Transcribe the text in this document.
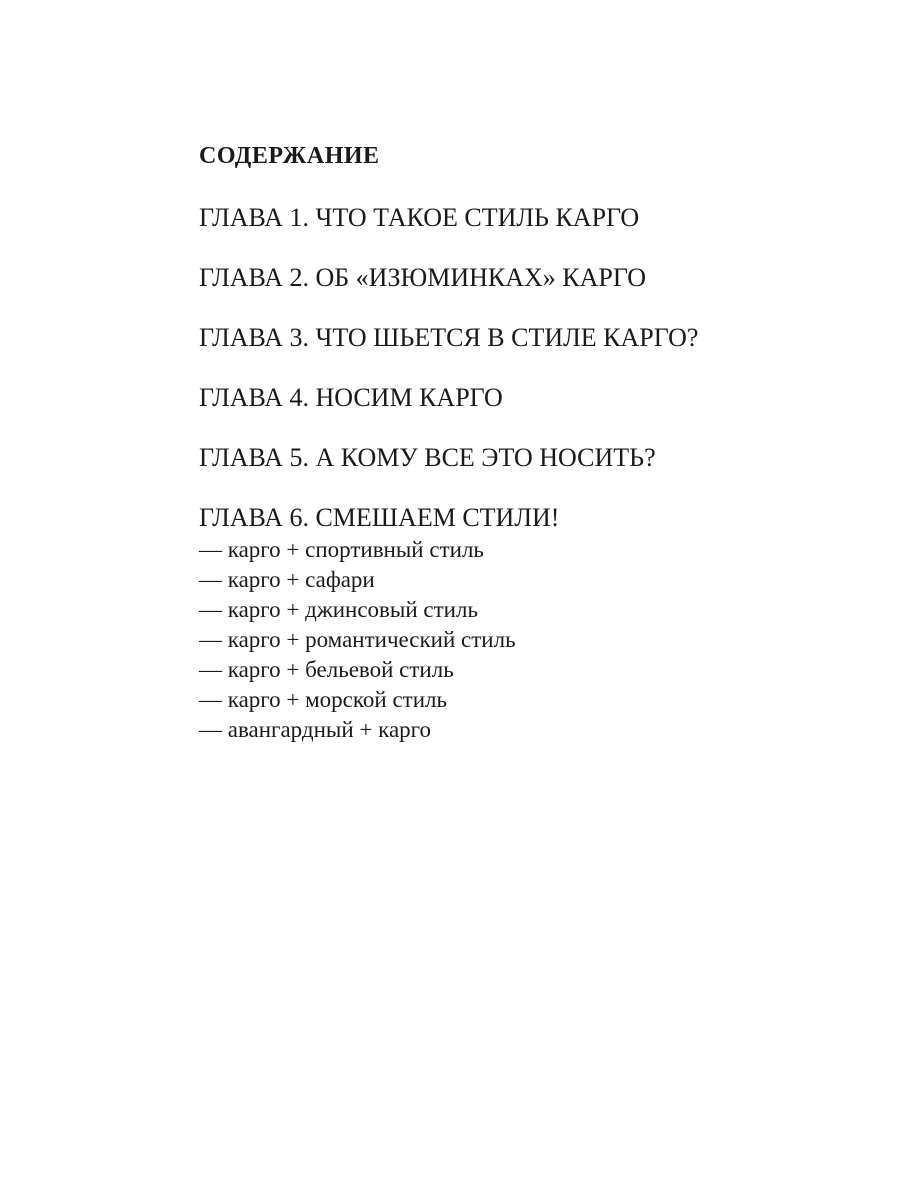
СОДЕРЖАНИЕ
ГЛАВА 1. ЧТО ТАКОЕ СТИЛЬ КАРГО
ГЛАВА 2. ОБ «ИЗЮМИНКАХ» КАРГО
ГЛАВА 3. ЧТО ШЬЕТСЯ В СТИЛЕ КАРГО?
ГЛАВА 4. НОСИМ КАРГО
ГЛАВА 5. А КОМУ ВСЕ ЭТО НОСИТЬ?
ГЛАВА 6. СМЕШАЕМ СТИЛИ!
— карго + спортивный стиль
— карго + сафари
— карго + джинсовый стиль
— карго + романтический стиль
— карго + бельевой стиль
— карго + морской стиль
— авангардный + карго
